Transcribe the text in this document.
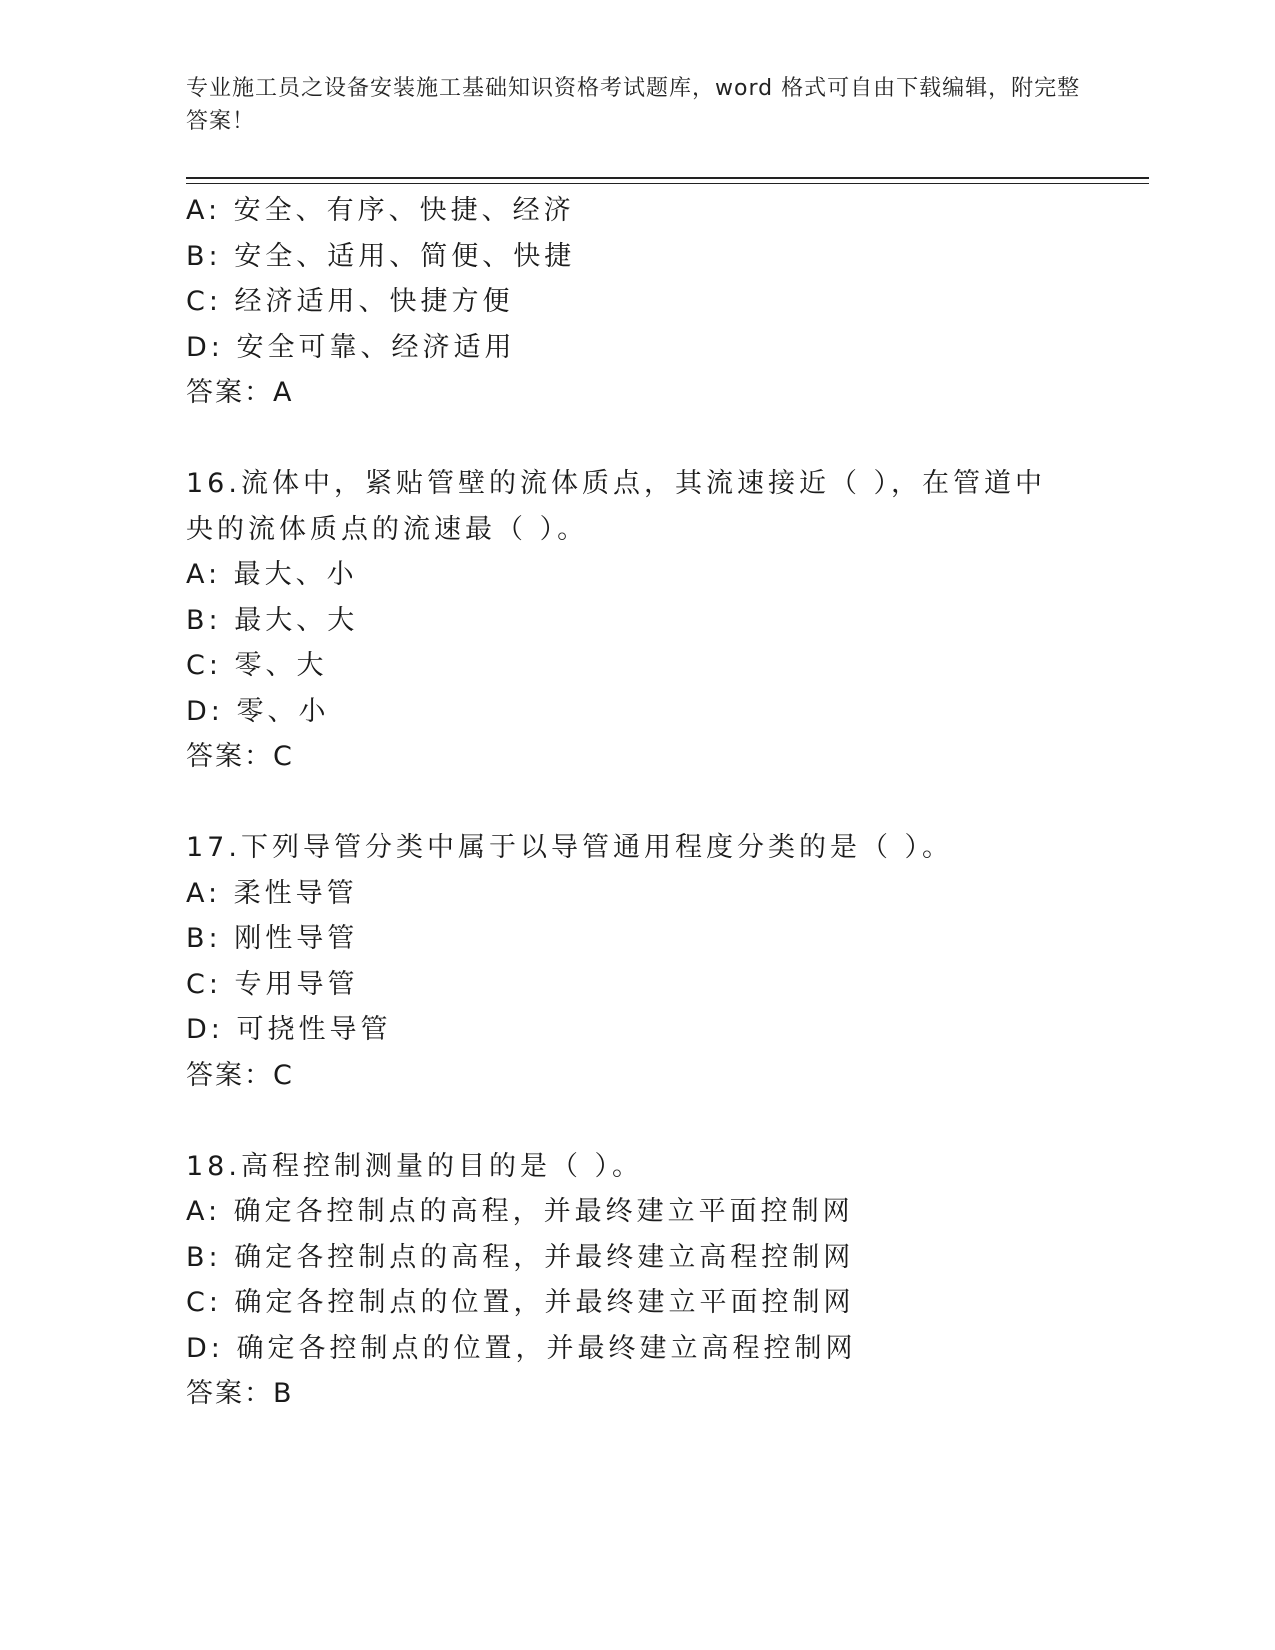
专业施工员之设备安装施工基础知识资格考试题库，word 格式可自由下载编辑，附完整答案！
A: 安全、有序、快捷、经济
B: 安全、适用、简便、快捷
C: 经济适用、快捷方便
D: 安全可靠、经济适用
答案：A
16.流体中，紧贴管壁的流体质点，其流速接近（ ），在管道中央的流体质点的流速最（ ）。
A: 最大、小
B: 最大、大
C: 零、大
D: 零、小
答案：C
17.下列导管分类中属于以导管通用程度分类的是（ ）。
A: 柔性导管
B: 刚性导管
C: 专用导管
D: 可挠性导管
答案：C
18.高程控制测量的目的是（ ）。
A: 确定各控制点的高程，并最终建立平面控制网
B: 确定各控制点的高程，并最终建立高程控制网
C: 确定各控制点的位置，并最终建立平面控制网
D: 确定各控制点的位置，并最终建立高程控制网
答案：B
